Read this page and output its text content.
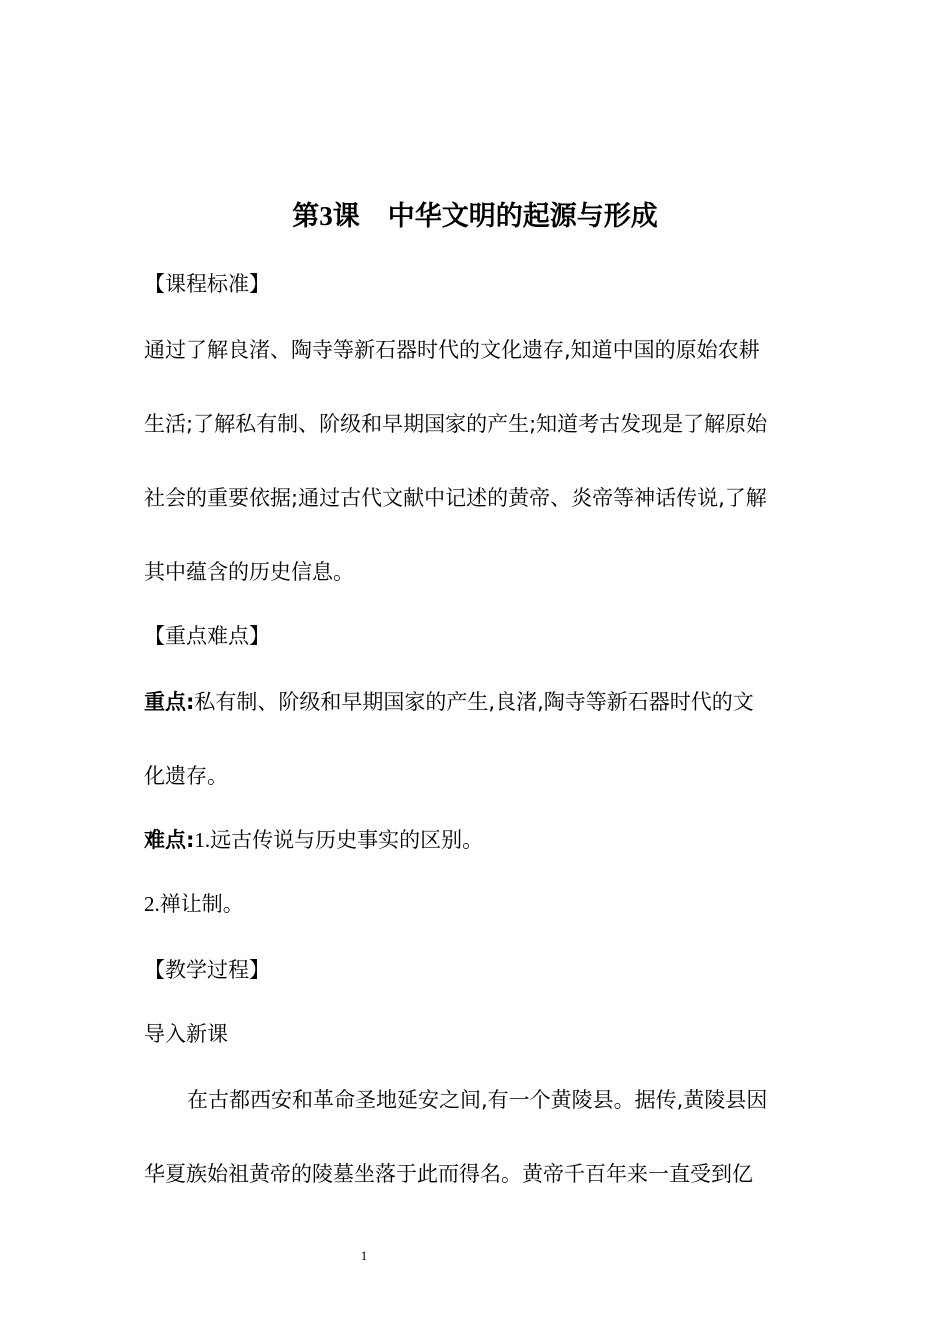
第3课 中华文明的起源与形成
【课程标准】
通过了解良渚、陶寺等新石器时代的文化遗存,知道中国的原始农耕
生活;了解私有制、阶级和早期国家的产生;知道考古发现是了解原始
社会的重要依据;通过古代文献中记述的黄帝、炎帝等神话传说,了解
其中蕴含的历史信息。
【重点难点】
重点:私有制、阶级和早期国家的产生,良渚,陶寺等新石器时代的文
化遗存。
难点:1.远古传说与历史事实的区别。
2.禅让制。
【教学过程】
导入新课
在古都西安和革命圣地延安之间,有一个黄陵县。据传,黄陵县因
华夏族始祖黄帝的陵墓坐落于此而得名。黄帝千百年来一直受到亿
1
